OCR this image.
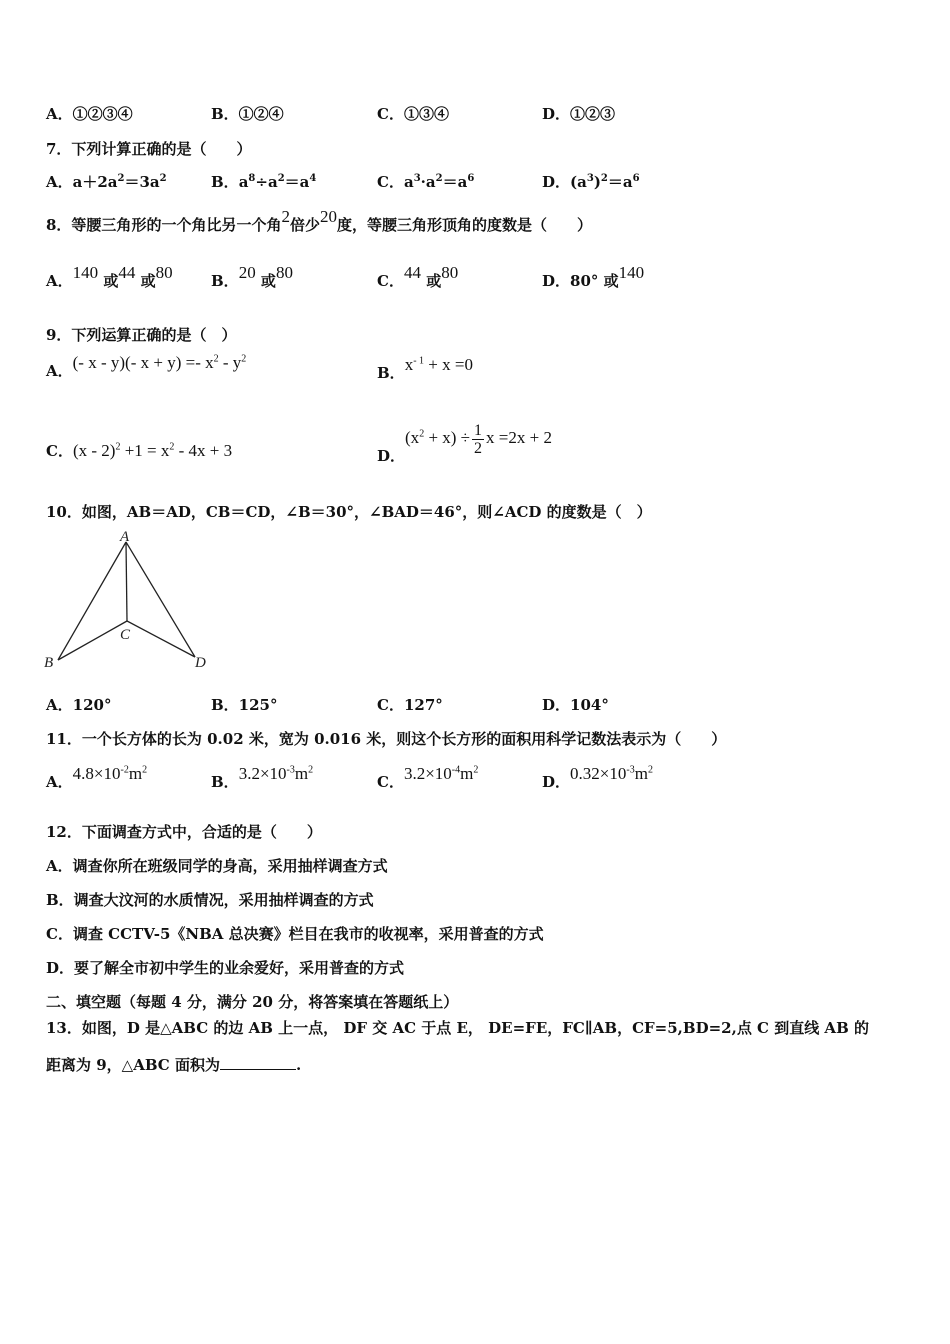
A．①②③④	B．①②④	C．①③④	D．①②③
7．下列计算正确的是（　　）
A．$a+2a^2=3a^2$	B．$a^8\div a^2=a^4$	C．$a^3\cdot a^2=a^6$	D．$(a^3)^2=a^6$
8．等腰三角形的一个角比另一个角2倍少20度，等腰三角形顶角的度数是（　　）
A．140 或44 或80	B．20 或80	C．44 或80	D．80° 或140
9．下列运算正确的是（　）
A．(- x - y)(- $x + y) =- x^2 - y^2$
B．$x^{- 1} + x =0$
C．$(x - 2)^2 +1 = x^2 - 4x + 3$	D．$(x^2 + x) \div \frac{1}{2}$ x =2x + 2
10．如图，AB＝AD，CB＝CD，∠B＝30°，∠BAD＝46°，则∠ACD 的度数是（　）
A
B
C
D
A．120°	B．125°	C．127°	D．104°
11．一个长方体的长为 0.02 米，宽为 0.016 米，则这个长方形的面积用科学记数法表示为（　　）
A．$4.8\times 10^{-2}m^2$
B．$3.2\times 10^{-3}m^2$
C．$3.2\times 10^{-4}m^2$
D．$0.32\times 10^{-3}m^2$
12．下面调查方式中，合适的是（　　）
A．调查你所在班级同学的身高，采用抽样调查方式
B．调查大汶河的水质情况，采用抽样调查的方式
C．调查 CCTV-5《NBA 总决赛》栏目在我市的收视率，采用普查的方式
D．要了解全市初中学生的业余爱好，采用普查的方式
二、填空题（每题 4 分，满分 20 分，将答案填在答题纸上）
13．如图，D 是△ABC 的边 AB 上一点， DF 交 AC 于点 E， DE=FE，FC∥AB，CF=5,BD=2,点 C 到直线 AB 的
距离为 9，△ABC 面积为	.
